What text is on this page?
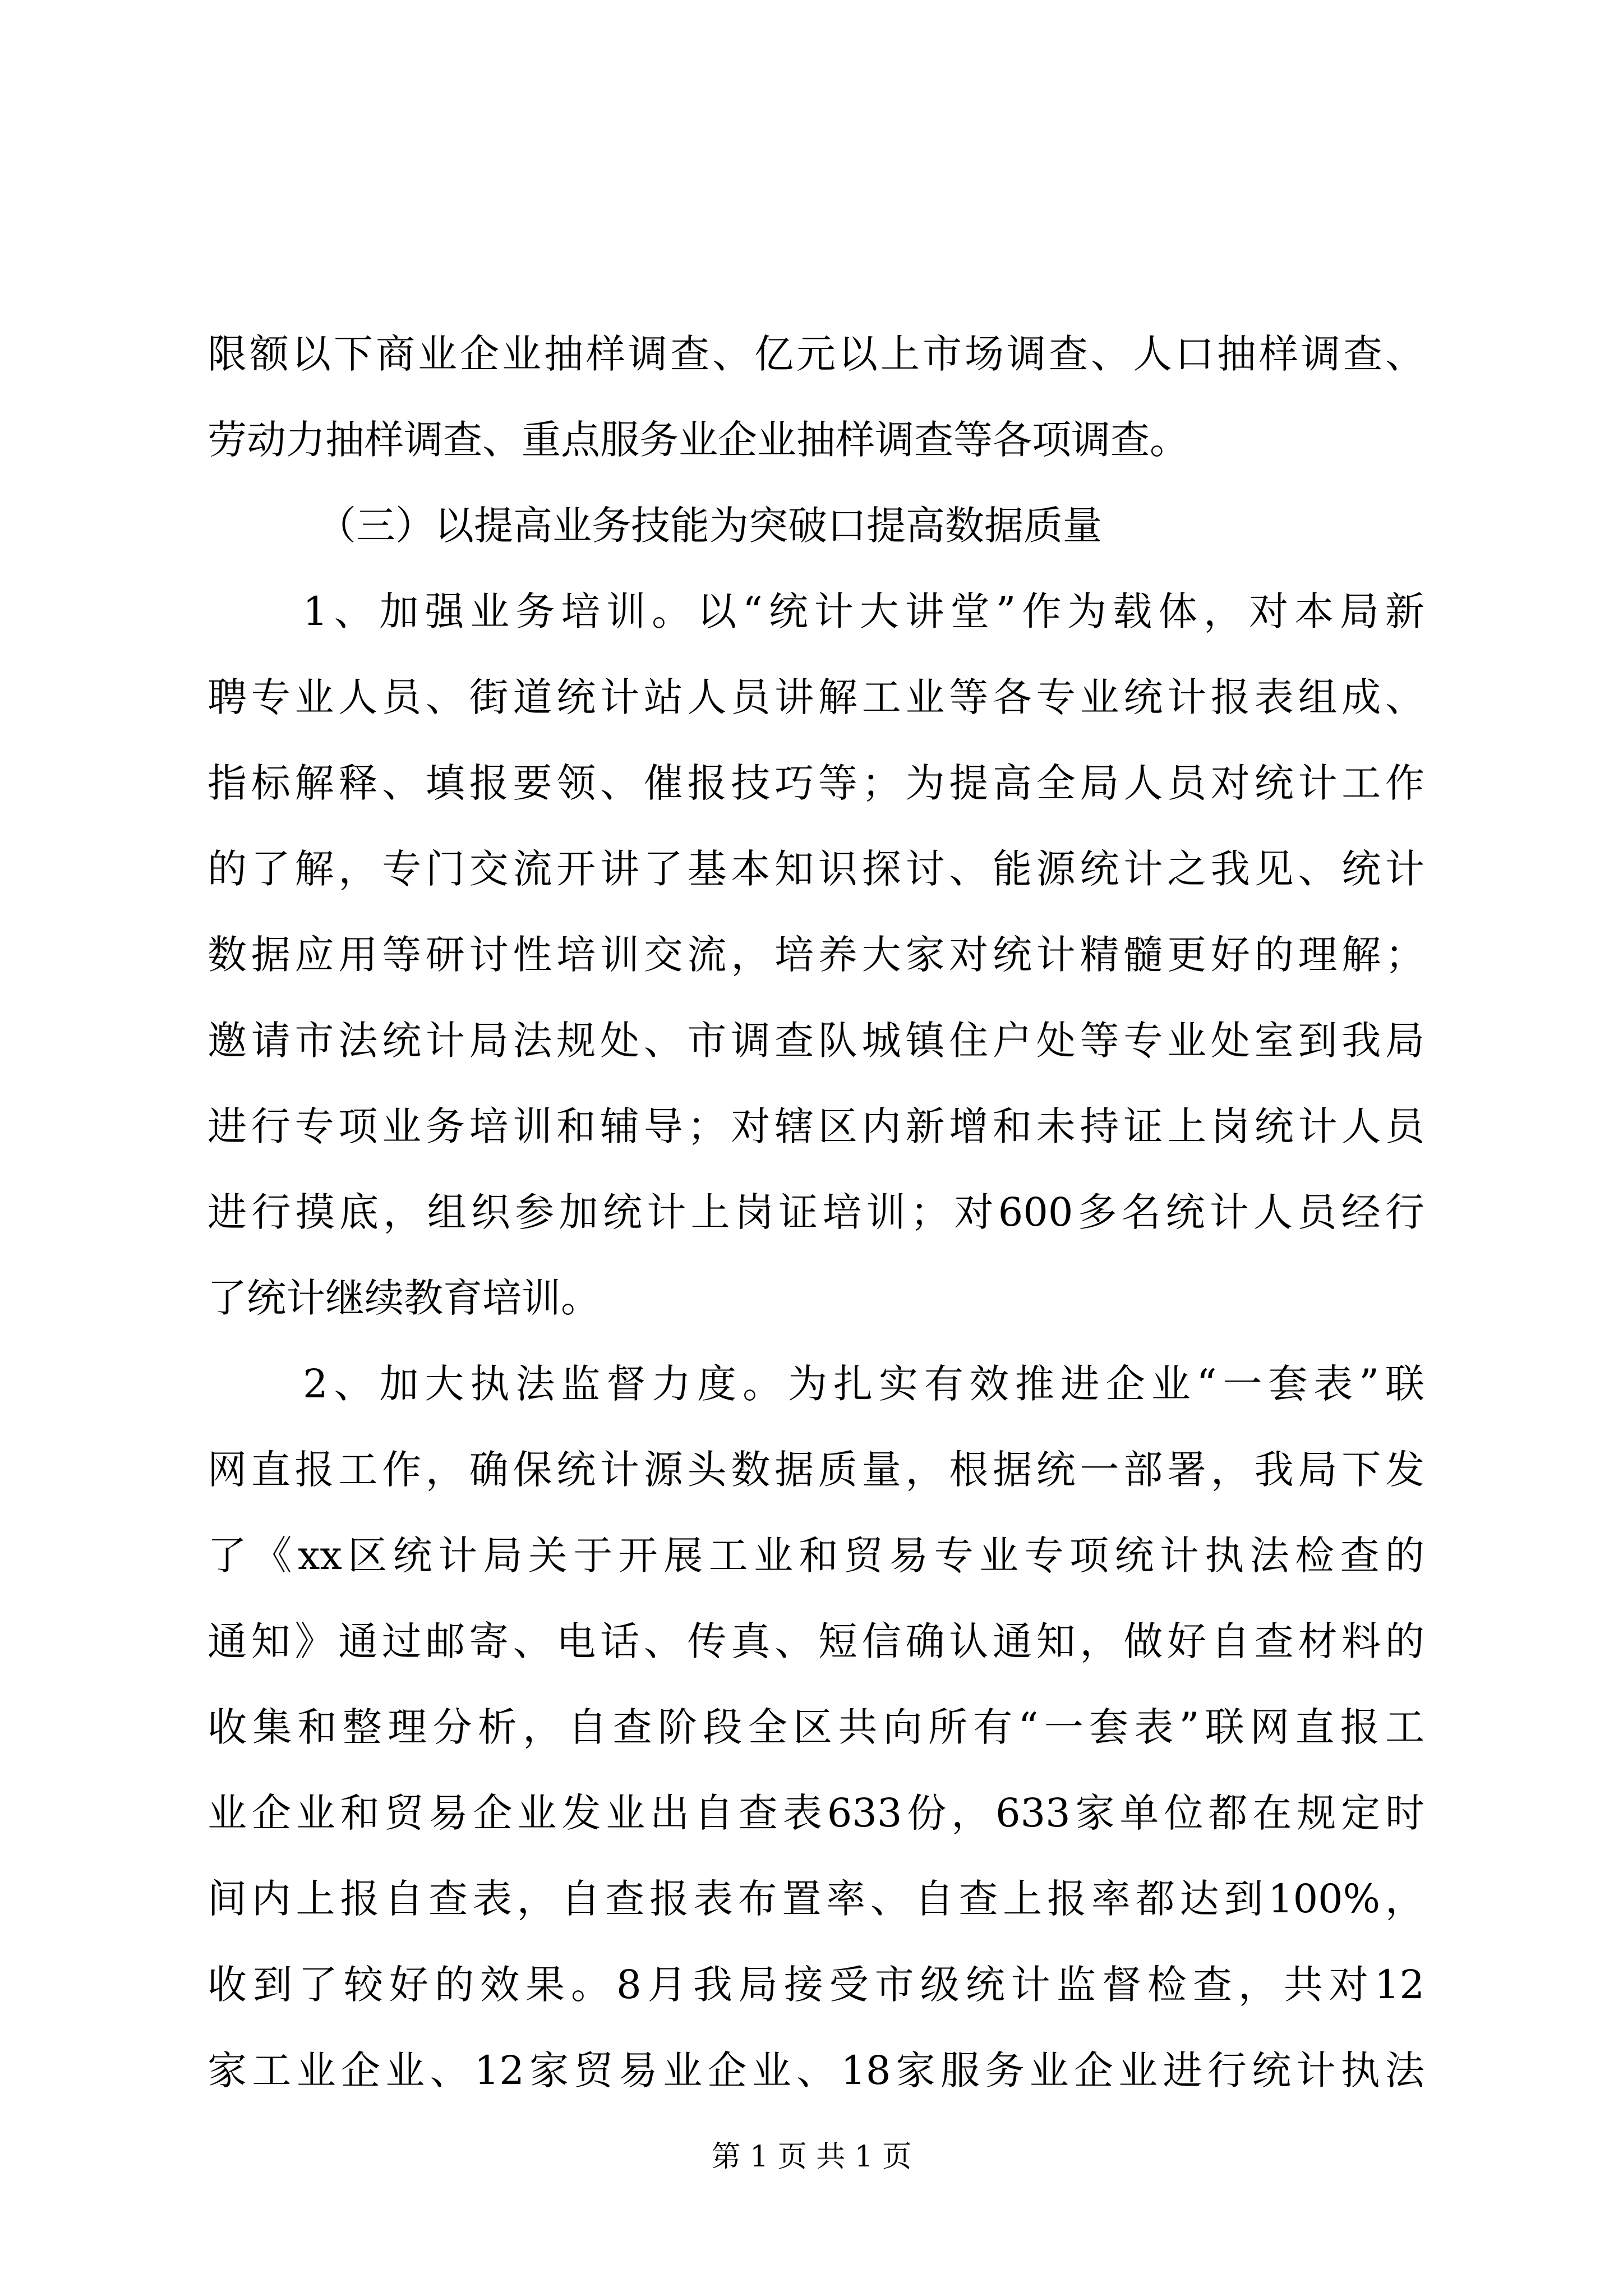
限额以下商业企业抽样调查、亿元以上市场调查、人口抽样调查、
劳动力抽样调查、重点服务业企业抽样调查等各项调查。
（三）以提高业务技能为突破口提高数据质量
1、加强业务培训。以“统计大讲堂”作为载体，对本局新
聘专业人员、街道统计站人员讲解工业等各专业统计报表组成、
指标解释、填报要领、催报技巧等；为提高全局人员对统计工作
的了解，专门交流开讲了基本知识探讨、能源统计之我见、统计
数据应用等研讨性培训交流，培养大家对统计精髓更好的理解；
邀请市法统计局法规处、市调查队城镇住户处等专业处室到我局
进行专项业务培训和辅导；对辖区内新增和未持证上岗统计人员
进行摸底，组织参加统计上岗证培训；对600多名统计人员经行
了统计继续教育培训。
2、加大执法监督力度。为扎实有效推进企业“一套表”联
网直报工作，确保统计源头数据质量，根据统一部署，我局下发
了《xx区统计局关于开展工业和贸易专业专项统计执法检查的
通知》通过邮寄、电话、传真、短信确认通知，做好自查材料的
收集和整理分析，自查阶段全区共向所有“一套表”联网直报工
业企业和贸易企业发业出自查表633份，633家单位都在规定时
间内上报自查表，自查报表布置率、自查上报率都达到100%，
收到了较好的效果。8月我局接受市级统计监督检查，共对12
家工业企业、12家贸易业企业、18家服务业企业进行统计执法
第 1 页 共 1 页
